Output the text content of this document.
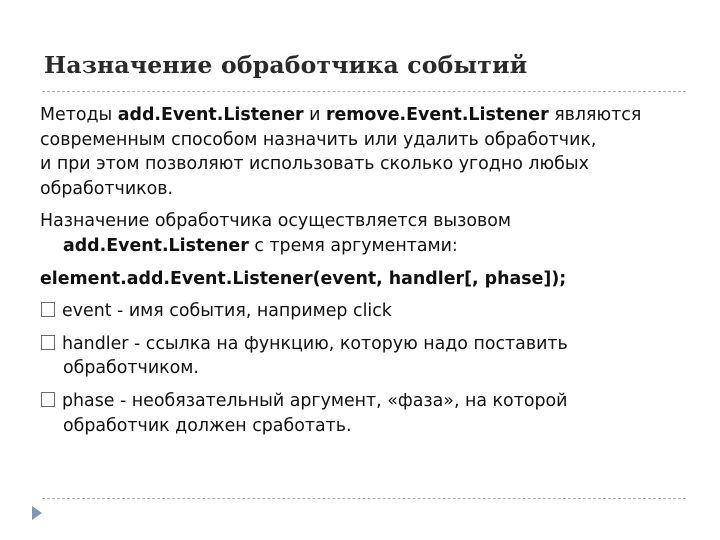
Назначение обработчика событий
Методы add.Event.Listener и remove.Event.Listener являются
современным способом назначить или удалить обработчик,
и при этом позволяют использовать сколько угодно любых
обработчиков.
Назначение обработчика осуществляется вызовом
add.Event.Listener с тремя аргументами:
element.add.Event.Listener(event, handler[, phase]);
event - имя события, например click
handler - ссылка на функцию, которую надо поставить
обработчиком.
phase - необязательный аргумент, «фаза», на которой
обработчик должен сработать.
